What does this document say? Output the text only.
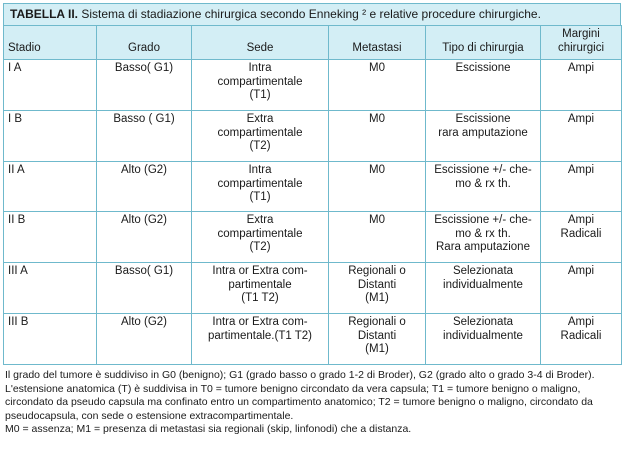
TABELLA II. Sistema di stadiazione chirurgica secondo Enneking ² e relative procedure chirurgiche.
Stadio	Grado	Sede	Metastasi	Tipo di chirurgia	Margini chirurgici
I A	Basso( G1)	Intra
compartimentale
(T1)	M0	Escissione	Ampi

I B	Basso ( G1)	Extra
compartimentale
(T2)	M0	Escissione
rara amputazione	Ampi

II A	Alto (G2)	Intra
compartimentale
(T1)	M0	Escissione +/- che-
mo & rx th.	Ampi

II B	Alto (G2)	Extra
compartimentale
(T2)	M0	Escissione +/- che-
mo & rx th.
Rara amputazione	Ampi
Radicali

III A	Basso( G1)	Intra or Extra com-
partimentale
(T1 T2)	Regionali o
Distanti
(M1)	Selezionata
individualmente	Ampi

III B	Alto (G2)	Intra or Extra com-
partimentale.(T1 T2)	Regionali o
Distanti
(M1)	Selezionata
individualmente	Ampi
Radicali

Il grado del tumore è suddiviso in G0 (benigno); G1 (grado basso o grado 1-2 di Broder), G2 (grado alto o grado 3-4 di Broder).

L'estensione anatomica (T) è suddivisa in T0 = tumore benigno circondato da vera capsula; T1 = tumore benigno o maligno, circondato da pseudo capsula ma confinato entro un compartimento anatomico; T2 = tumore benigno o maligno, circondato da pseudocapsula, con sede o estensione extracompartimentale.

M0 = assenza; M1 = presenza di metastasi sia regionali (skip, linfonodi) che a distanza.
